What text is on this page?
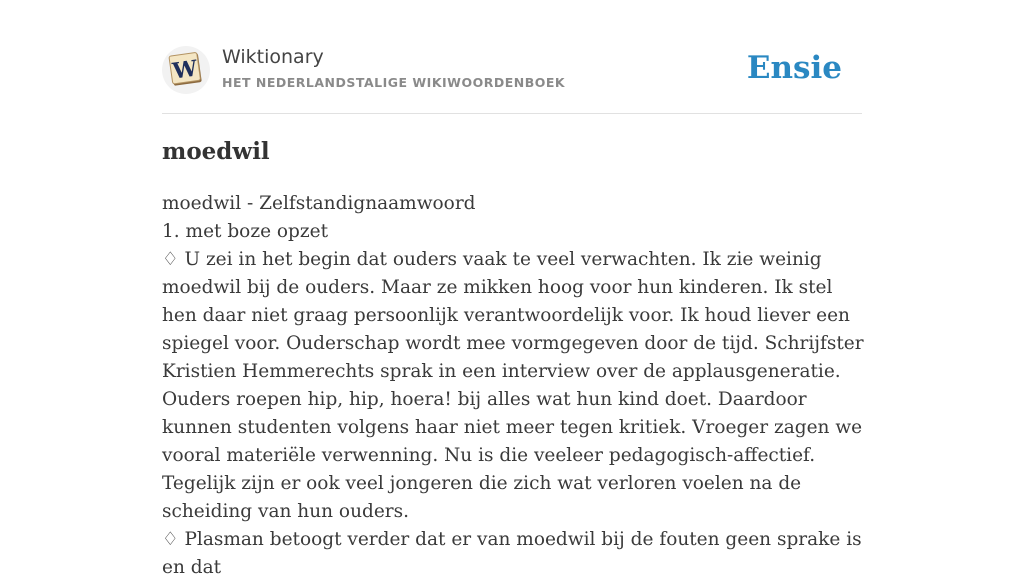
W Wiktionary
HET NEDERLANDSTALIGE WIKIWOORDENBOEK	Ensie
moedwil

moedwil - Zelfstandignaamwoord

1. met boze opzet

♢ U zei in het begin dat ouders vaak te veel verwachten. Ik zie weinig moedwil bij de ouders. Maar ze mikken hoog voor hun kinderen. Ik stel hen daar niet graag persoonlijk verantwoordelijk voor. Ik houd liever een spiegel voor. Ouderschap wordt mee vormgegeven door de tijd. Schrijfster Kristien Hemmerechts sprak in een interview over de applausgeneratie. Ouders roepen hip, hip, hoera! bij alles wat hun kind doet. Daardoor kunnen studenten volgens haar niet meer tegen kritiek. Vroeger zagen we vooral materiële verwenning. Nu is die veeleer pedagogisch-affectief. Tegelijk zijn er ook veel jongeren die zich wat verloren voelen na de scheiding van hun ouders.

♢ Plasman betoogt verder dat er van moedwil bij de fouten geen sprake is en dat
